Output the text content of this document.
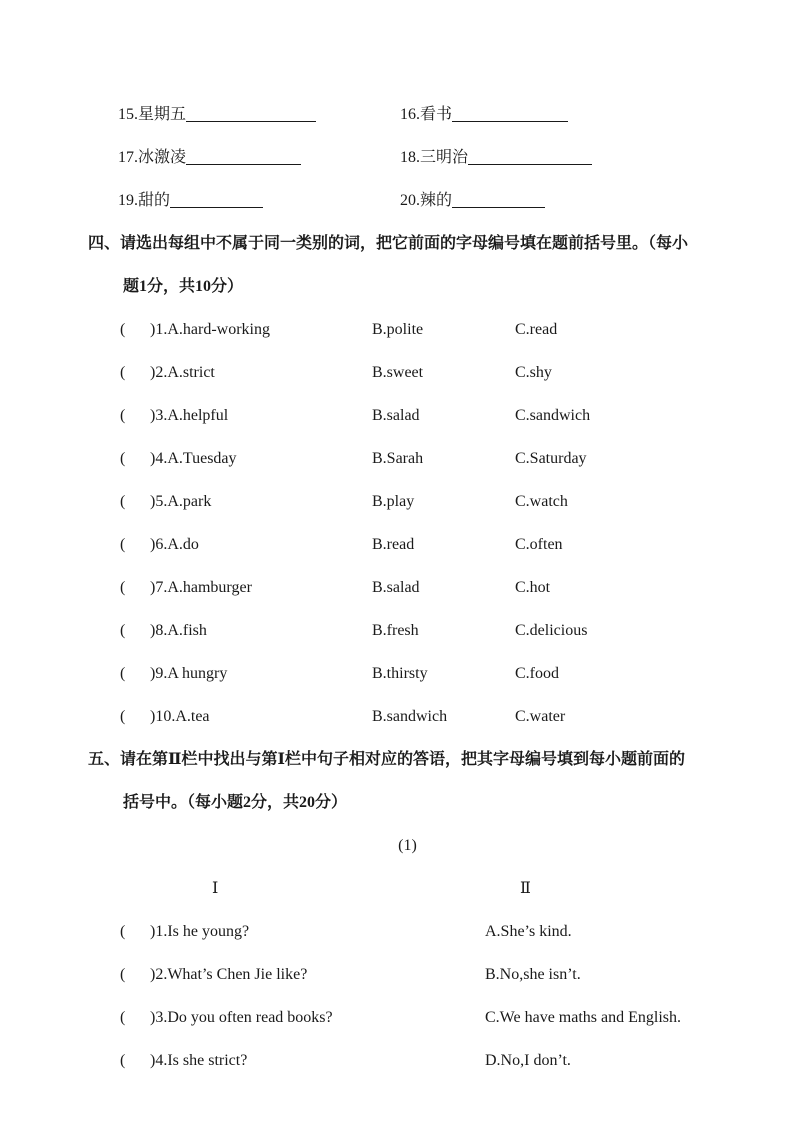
15.星期五	16.看书
17.冰激凌	18.三明治
19.甜的	20.辣的
四、请选出每组中不属于同一类别的词，把它前面的字母编号填在题前括号里。（每小
题1分，共10分）
( )1.A.hard-working	B.polite	C.read
( )2.A.strict	B.sweet	C.shy
( )3.A.helpful	B.salad	C.sandwich
( )4.A.Tuesday	B.Sarah	C.Saturday
( )5.A.park	B.play	C.watch
( )6.A.do	B.read	C.often
( )7.A.hamburger	B.salad	C.hot
( )8.A.fish	B.fresh	C.delicious
( )9.A hungry	B.thirsty	C.food
( )10.A.tea	B.sandwich	C.water
五、请在第Ⅱ栏中找出与第Ⅰ栏中句子相对应的答语，把其字母编号填到每小题前面的
括号中。（每小题2分，共20分）
(1)
Ⅰ	Ⅱ
( )1.Is he young?	A.She’s kind.
( )2.What’s Chen Jie like?	B.No,she isn’t.
( )3.Do you often read books?	C.We have maths and English.
( )4.Is she strict?	D.No,I don’t.
